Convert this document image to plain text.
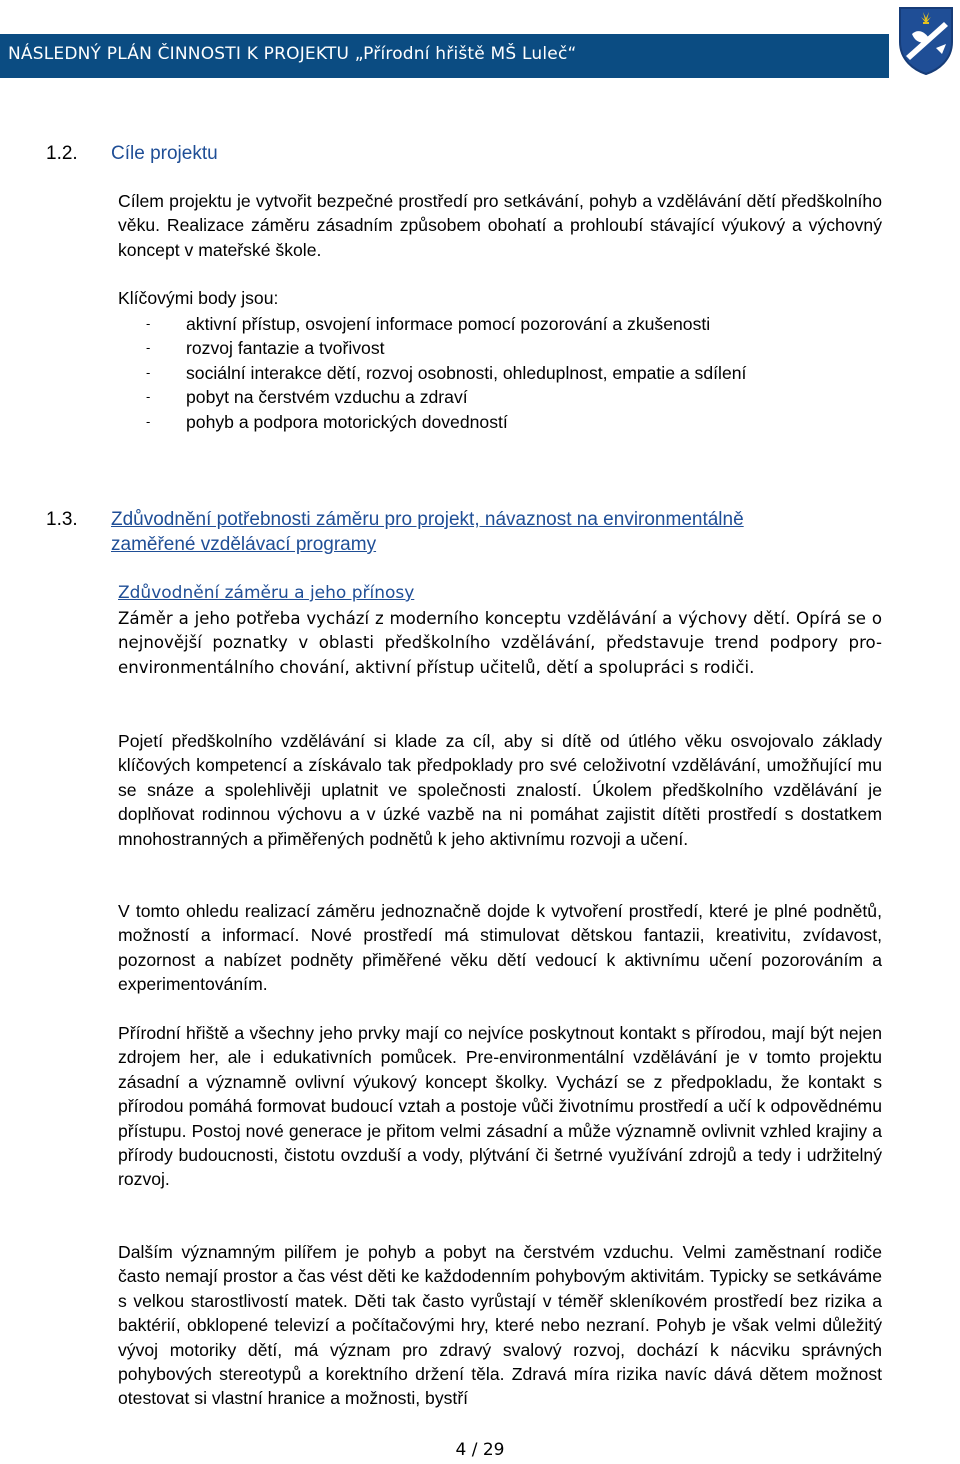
NÁSLEDNÝ PLÁN ČINNOSTI K PROJEKTU „Přírodní hřiště MŠ Luleč“
1.2. Cíle projektu

Cílem projektu je vytvořit bezpečné prostředí pro setkávání, pohyb a vzdělávání dětí předškolního věku. Realizace záměru zásadním způsobem obohatí a prohloubí stávající výukový a výchovný koncept v mateřské škole.

Klíčovými body jsou:
- aktivní přístup, osvojení informace pomocí pozorování a zkušenosti
- rozvoj fantazie a tvořivost
- sociální interakce dětí, rozvoj osobnosti, ohleduplnost, empatie a sdílení
- pobyt na čerstvém vzduchu a zdraví
- pohyb a podpora motorických dovedností
1.3. Zdůvodnění potřebnosti záměru pro projekt, návaznost na environmentálně
zaměřené vzdělávací programy
Zdůvodnění záměru a jeho přínosy

Záměr a jeho potřeba vychází z moderního konceptu vzdělávání a výchovy dětí. Opírá se o nejnovější poznatky v oblasti předškolního vzdělávání, představuje trend podpory pro-environmentálního chování, aktivní přístup učitelů, dětí a spolupráci s rodiči.

Pojetí předškolního vzdělávání si klade za cíl, aby si dítě od útlého věku osvojovalo základy klíčových kompetencí a získávalo tak předpoklady pro své celoživotní vzdělávání, umožňující mu se snáze a spolehlivěji uplatnit ve společnosti znalostí. Úkolem předškolního vzdělávání je doplňovat rodinnou výchovu a v úzké vazbě na ni pomáhat zajistit dítěti prostředí s dostatkem mnohostranných a přiměřených podnětů k jeho aktivnímu rozvoji a učení.

V tomto ohledu realizací záměru jednoznačně dojde k vytvoření prostředí, které je plné podnětů, možností a informací. Nové prostředí má stimulovat dětskou fantazii, kreativitu, zvídavost, pozornost a nabízet podněty přiměřené věku dětí vedoucí k aktivnímu učení pozorováním a experimentováním.

Přírodní hřiště a všechny jeho prvky mají co nejvíce poskytnout kontakt s přírodou, mají být nejen zdrojem her, ale i edukativních pomůcek. Pre-environmentální vzdělávání je v tomto projektu zásadní a významně ovlivní výukový koncept školky. Vychází se z předpokladu, že kontakt s přírodou pomáhá formovat budoucí vztah a postoje vůči životnímu prostředí a učí k odpovědnému přístupu. Postoj nové generace je přitom velmi zásadní a může významně ovlivnit vzhled krajiny a přírody budoucnosti, čistotu ovzduší a vody, plýtvání či šetrné využívání zdrojů a tedy i udržitelný rozvoj.

Dalším významným pilířem je pohyb a pobyt na čerstvém vzduchu. Velmi zaměstnaní rodiče často nemají prostor a čas vést děti ke každodenním pohybovým aktivitám. Typicky se setkáváme s velkou starostlivostí matek. Děti tak často vyrůstají v téměř skleníkovém prostředí bez rizika a baktérií, obklopené televizí a počítačovými hry, které nebo nezraní. Pohyb je však velmi důležitý vývoj motoriky dětí, má význam pro zdravý svalový rozvoj, dochází k nácviku správných pohybových stereotypů a korektního držení těla. Zdravá míra rizika navíc dává dětem možnost otestovat si vlastní hranice a možnosti, bystří

4 / 29
